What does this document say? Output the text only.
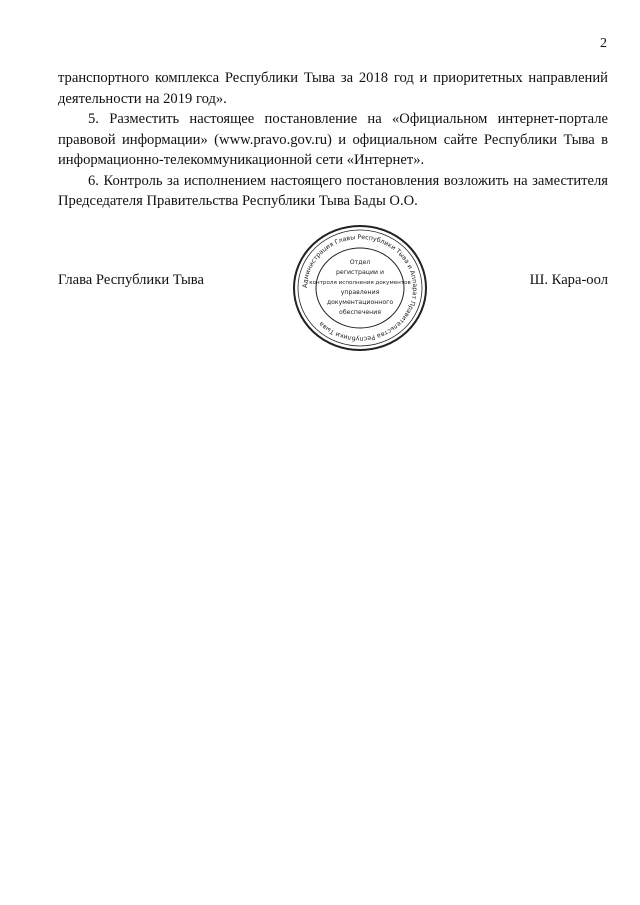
2

транспортного комплекса Республики Тыва за 2018 год и приоритетных направлений деятельности на 2019 год».

5. Разместить настоящее постановление на «Официальном интернет-портале правовой информации» (www.pravo.gov.ru) и официальном сайте Республики Тыва в информационно-телекоммуникационной сети «Интернет».

6. Контроль за исполнением настоящего постановления возложить на заместителя Председателя Правительства Республики Тыва Бады О.О.

Глава Республики Тыва	Ш. Кара-оол
Администрация Главы Республики Тыва и Аппарат Правительства Республики Тыва
Отдел
регистрации и
контроля исполнения документов
управления
документационного
обеспечения
